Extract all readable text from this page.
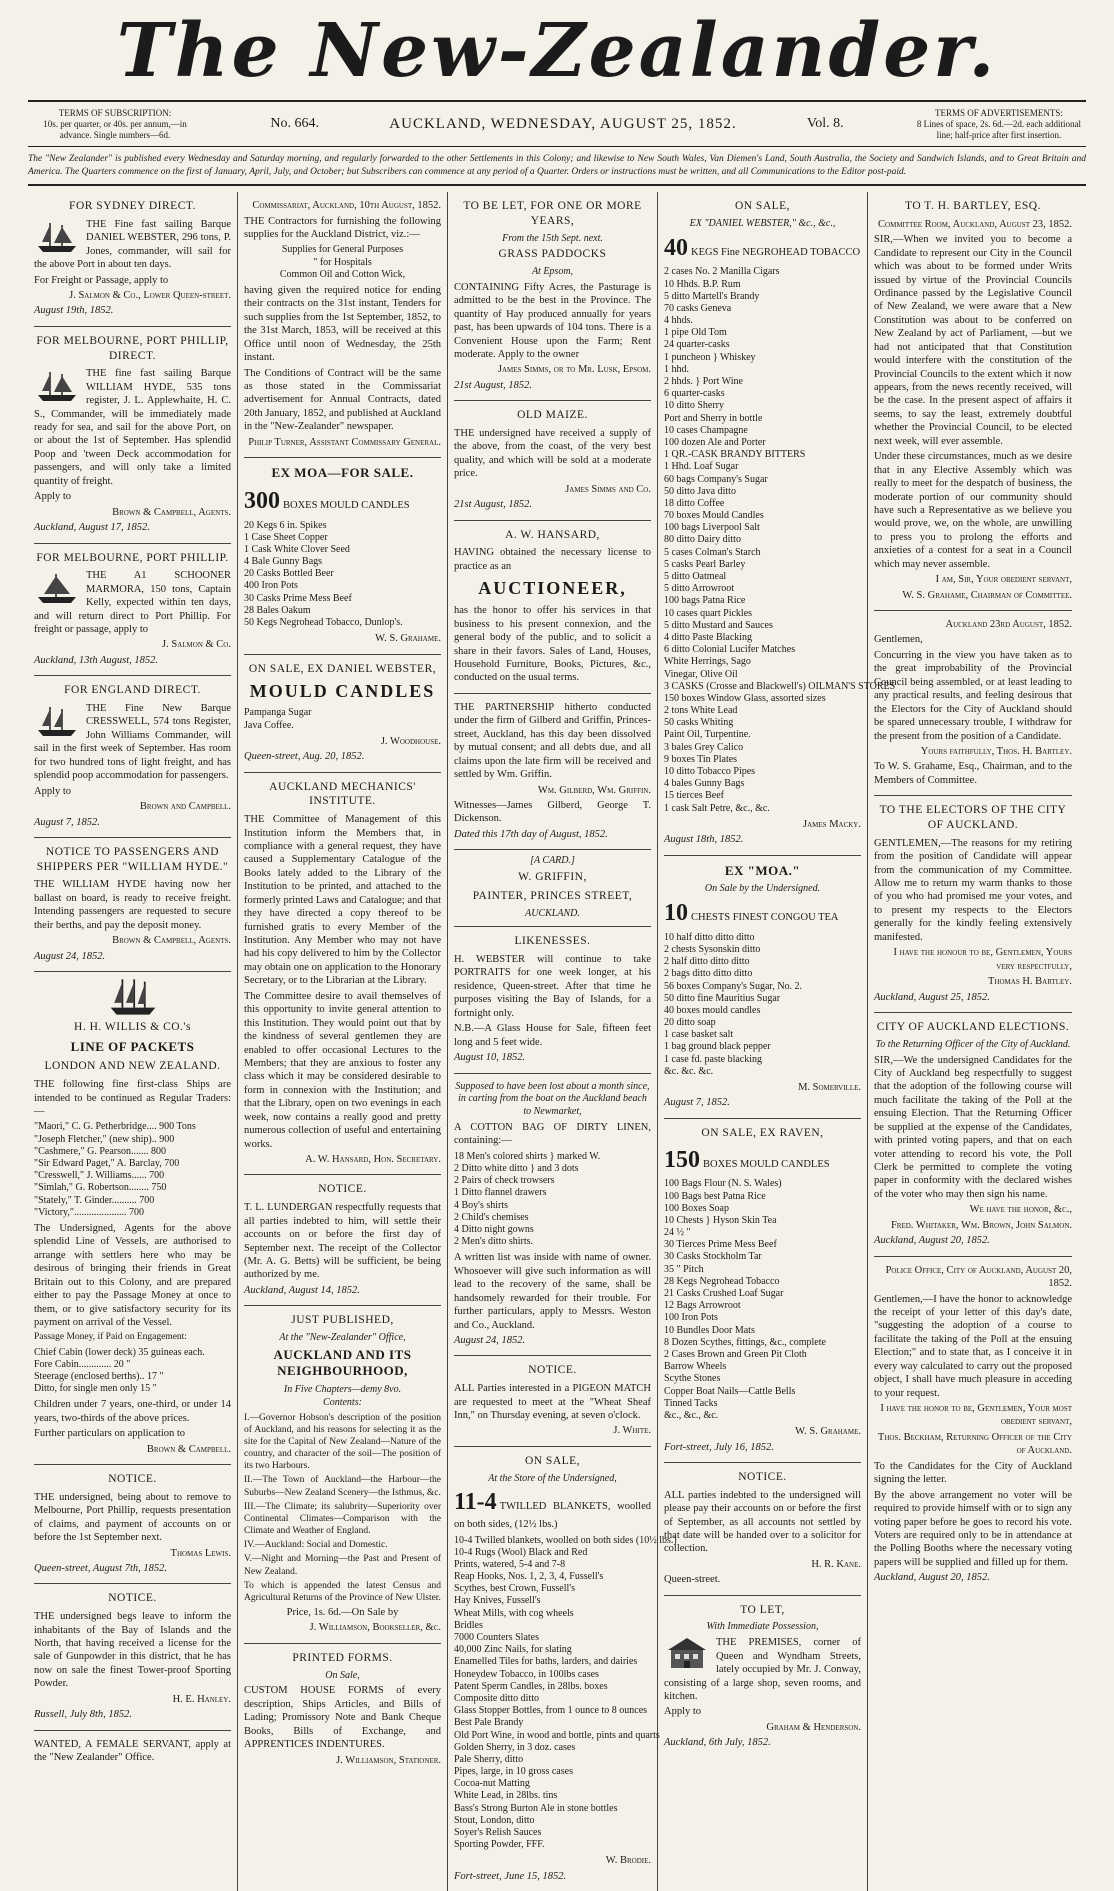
The New-Zealander.
TERMS OF SUBSCRIPTION:
10s. per quarter, or 40s. per annum,—in advance. Single numbers—6d.
No. 664.	AUCKLAND, WEDNESDAY, AUGUST 25, 1852.	Vol. 8.
TERMS OF ADVERTISEMENTS:
8 Lines of space, 2s. 6d.—2d. each additional line; half-price after first insertion.
The "New Zealander" is published every Wednesday and Saturday morning, and regularly forwarded to the other Settlements in this Colony; and likewise to New South Wales, Van Diemen's Land, South Australia, the Society and Sandwich Islands, and to Great Britain and America. The Quarters commence on the first of January, April, July, and October; but Subscribers can commence at any period of a Quarter. Orders or instructions must be written, and all Communications to the Editor post-paid.
FOR SYDNEY DIRECT.

THE Fine fast sailing Barque DANIEL WEBSTER, 296 tons, P. Jones, commander, will sail for the above Port in about ten days.

For Freight or Passage, apply to

J. Salmon & Co., Lower Queen-street.

August 19th, 1852.

FOR MELBOURNE, PORT PHILLIP, DIRECT.

THE fine fast sailing Barque WILLIAM HYDE, 535 tons register, J. L. Applewhaite, H. C. S., Commander, will be immediately made ready for sea, and sail for the above Port, on or about the 1st of September. Has splendid Poop and 'tween Deck accommodation for passengers, and will only take a limited quantity of freight.

Apply to

Brown & Campbell, Agents.

Auckland, August 17, 1852.

FOR MELBOURNE, PORT PHILLIP.

THE A1 SCHOONER MARMORA, 150 tons, Captain Kelly, expected within ten days, and will return direct to Port Phillip. For freight or passage, apply to

J. Salmon & Co.

Auckland, 13th August, 1852.

FOR ENGLAND DIRECT.

THE Fine New Barque CRESSWELL, 574 tons Register, John Williams Commander, will sail in the first week of September. Has room for two hundred tons of light freight, and has splendid poop accommodation for passengers.

Apply to

Brown and Campbell.

August 7, 1852.

NOTICE TO PASSENGERS AND SHIPPERS PER "WILLIAM HYDE."

THE WILLIAM HYDE having now her ballast on board, is ready to receive freight. Intending passengers are requested to secure their berths, and pay the deposit money.

Brown & Campbell, Agents.

August 24, 1852.

H. H. WILLIS & CO.'s
LINE OF PACKETS
LONDON AND NEW ZEALAND.

THE following fine first-class Ships are intended to be continued as Regular Traders:—

"Maori," C. G. Petherbridge.... 900 Tons
"Joseph Fletcher," (new ship).. 900
"Cashmere," G. Pearson....... 800
"Sir Edward Paget," A. Barclay, 700
"Cresswell," J. Williams...... 700
"Simlah," G. Robertson........ 750
"Stately," T. Ginder.......... 700
"Victory,"..................... 700

The Undersigned, Agents for the above splendid Line of Vessels, are authorised to arrange with settlers here who may be desirous of bringing their friends in Great Britain out to this Colony, and are prepared either to pay the Passage Money at once to them, or to give satisfactory security for its payment on arrival of the Vessel.

Passage Money, if Paid on Engagement:

Chief Cabin (lower deck) 35 guineas each.
Fore Cabin............. 20 "
Steerage (enclosed berths).. 17 "
Ditto, for single men only 15 "

Children under 7 years, one-third, or under 14 years, two-thirds of the above prices.

Further particulars on application to

Brown & Campbell.

NOTICE.

THE undersigned, being about to remove to Melbourne, Port Phillip, requests presentation of claims, and payment of accounts on or before the 1st September next.

Thomas Lewis.

Queen-street, August 7th, 1852.

NOTICE.

THE undersigned begs leave to inform the inhabitants of the Bay of Islands and the North, that having received a license for the sale of Gunpowder in this district, that he has now on sale the finest Tower-proof Sporting Powder.

H. E. Hanley.

Russell, July 8th, 1852.

WANTED, A FEMALE SERVANT, apply at the "New Zealander" Office.

Commissariat, Auckland, 10th August, 1852.

THE Contractors for furnishing the following supplies for the Auckland District, viz.:—

Supplies for General Purposes
" for Hospitals
Common Oil and Cotton Wick,

having given the required notice for ending their contracts on the 31st instant, Tenders for such supplies from the 1st September, 1852, to the 31st March, 1853, will be received at this Office until noon of Wednesday, the 25th instant.

The Conditions of Contract will be the same as those stated in the Commissariat advertisement for Annual Contracts, dated 20th January, 1852, and published at Auckland in the "New-Zealander" newspaper.

Philip Turner, Assistant Commissary General.

EX MOA—FOR SALE.

300 BOXES MOULD CANDLES

20 Kegs 6 in. Spikes
1 Case Sheet Copper
1 Cask White Clover Seed
4 Bale Gunny Bags
20 Casks Bottled Beer
400 Iron Pots
30 Casks Prime Mess Beef
28 Bales Oakum
50 Kegs Negrohead Tobacco, Dunlop's.

W. S. Grahame.

ON SALE, EX DANIEL WEBSTER,
MOULD CANDLES
Pampanga Sugar
Java Coffee.

J. Woodhouse.

Queen-street, Aug. 20, 1852.

AUCKLAND MECHANICS' INSTITUTE.

THE Committee of Management of this Institution inform the Members that, in compliance with a general request, they have caused a Supplementary Catalogue of the Books lately added to the Library of the Institution to be printed, and attached to the formerly printed Laws and Catalogue; and that they have directed a copy thereof to be furnished gratis to every Member of the Institution. Any Member who may not have had his copy delivered to him by the Collector may obtain one on application to the Honorary Secretary, or to the Librarian at the Library.

The Committee desire to avail themselves of this opportunity to invite general attention to this Institution. They would point out that by the kindness of several gentlemen they are enabled to offer occasional Lectures to the Members; that they are anxious to foster any class which it may be considered desirable to form in connexion with the Institution; and that the Library, open on two evenings in each week, now contains a really good and pretty numerous collection of useful and entertaining works.

A. W. Hansard, Hon. Secretary.

NOTICE.

T. L. LUNDERGAN respectfully requests that all parties indebted to him, will settle their accounts on or before the first day of September next. The receipt of the Collector (Mr. A. G. Betts) will be sufficient, be being authorized by me.

Auckland, August 14, 1852.

JUST PUBLISHED,
At the "New-Zealander" Office,
AUCKLAND AND ITS NEIGHBOURHOOD,
In Five Chapters—demy 8vo.
Contents:

I.—Governor Hobson's description of the position of Auckland, and his reasons for selecting it as the site for the Capital of New Zealand—Nature of the country, and character of the soil—The position of its two Harbours.

II.—The Town of Auckland—the Harbour—the Suburbs—New Zealand Scenery—the Isthmus, &c.

III.—The Climate; its salubrity—Superiority over Continental Climates—Comparison with the Climate and Weather of England.

IV.—Auckland: Social and Domestic.

V.—Night and Morning—the Past and Present of New Zealand.

To which is appended the latest Census and Agricultural Returns of the Province of New Ulster.

Price, 1s. 6d.—On Sale by

J. Williamson, Bookseller, &c.

PRINTED FORMS.
On Sale,

CUSTOM HOUSE FORMS of every description, Ships Articles, and Bills of Lading; Promissory Note and Bank Cheque Books, Bills of Exchange, and APPRENTICES INDENTURES.

J. Williamson, Stationer.

TO BE LET, FOR ONE OR MORE YEARS,
From the 15th Sept. next.
GRASS PADDOCKS
At Epsom,

CONTAINING Fifty Acres, the Pasturage is admitted to be the best in the Province. The quantity of Hay produced annually for years past, has been upwards of 104 tons. There is a Convenient House upon the Farm; Rent moderate. Apply to the owner

James Simms, or to Mr. Lusk, Epsom.

21st August, 1852.

OLD MAIZE.

THE undersigned have received a supply of the above, from the coast, of the very best quality, and which will be sold at a moderate price.

James Simms and Co.

21st August, 1852.

A. W. HANSARD,

HAVING obtained the necessary license to practice as an

AUCTIONEER,

has the honor to offer his services in that business to his present connexion, and the general body of the public, and to solicit a share in their favors. Sales of Land, Houses, Household Furniture, Books, Pictures, &c., conducted on the usual terms.

THE PARTNERSHIP hitherto conducted under the firm of Gilberd and Griffin, Princes-street, Auckland, has this day been dissolved by mutual consent; and all debts due, and all claims upon the late firm will be received and settled by Wm. Griffin.

Wm. Gilberd, Wm. Griffin.

Witnesses—James Gilberd, George T. Dickenson.

Dated this 17th day of August, 1852.

[A CARD.]
W. GRIFFIN,
PAINTER, PRINCES STREET,
AUCKLAND.
LIKENESSES.

H. WEBSTER will continue to take PORTRAITS for one week longer, at his residence, Queen-street. After that time he purposes visiting the Bay of Islands, for a fortnight only.

N.B.—A Glass House for Sale, fifteen feet long and 5 feet wide.

August 10, 1852.

Supposed to have been lost about a month since, in carting from the boat on the Auckland beach to Newmarket,

A COTTON BAG OF DIRTY LINEN, containing:—

18 Men's colored shirts } marked W.
2 Ditto white ditto } and 3 dots
2 Pairs of check trowsers
1 Ditto flannel drawers
4 Boy's shirts
2 Child's chemises
4 Ditto night gowns
2 Men's ditto shirts.

A written list was inside with name of owner. Whosoever will give such information as will lead to the recovery of the same, shall be handsomely rewarded for their trouble. For further particulars, apply to Messrs. Weston and Co., Auckland.

August 24, 1852.

NOTICE.

ALL Parties interested in a PIGEON MATCH are requested to meet at the "Wheat Sheaf Inn," on Thursday evening, at seven o'clock.

J. White.

ON SALE,
At the Store of the Undersigned,

11-4 TWILLED BLANKETS, woolled on both sides, (12½ lbs.)

10-4 Twilled blankets, woolled on both sides (10½ lbs.)
10-4 Rugs (Wool) Black and Red
Prints, watered, 5-4 and 7-8
Reap Hooks, Nos. 1, 2, 3, 4, Fussell's
Scythes, best Crown, Fussell's
Hay Knives, Fussell's
Wheat Mills, with cog wheels
Bridles
7000 Counters Slates
40,000 Zinc Nails, for slating
Enamelled Tiles for baths, larders, and dairies
Honeydew Tobacco, in 100lbs cases
Patent Sperm Candles, in 28lbs. boxes
Composite ditto ditto
Glass Stopper Bottles, from 1 ounce to 8 ounces
Best Pale Brandy
Old Port Wine, in wood and bottle, pints and quarts
Golden Sherry, in 3 doz. cases
Pale Sherry, ditto
Pipes, large, in 10 gross cases
Cocoa-nut Matting
White Lead, in 28lbs. tins
Bass's Strong Burton Ale in stone bottles
Stout, London, ditto
Soyer's Relish Sauces
Sporting Powder, FFF.

W. Brodie.

Fort-street, June 15, 1852.

ON SALE,
EX "DANIEL WEBSTER," &c., &c.,

40 KEGS Fine NEGROHEAD TOBACCO

2 cases No. 2 Manilla Cigars
10 Hhds. B.P. Rum
5 ditto Martell's Brandy
70 casks Geneva
4 hhds.
1 pipe Old Tom
24 quarter-casks
1 puncheon } Whiskey
1 hhd.
2 hhds. } Port Wine
6 quarter-casks
10 ditto Sherry
Port and Sherry in bottle
10 cases Champagne
100 dozen Ale and Porter
1 QR.-CASK BRANDY BITTERS
1 Hhd. Loaf Sugar
60 bags Company's Sugar
50 ditto Java ditto
18 ditto Coffee
70 boxes Mould Candles
100 bags Liverpool Salt
80 ditto Dairy ditto
5 cases Colman's Starch
5 casks Pearl Barley
5 ditto Oatmeal
5 ditto Arrowroot
100 bags Patna Rice
10 cases quart Pickles
5 ditto Mustard and Sauces
4 ditto Paste Blacking
6 ditto Colonial Lucifer Matches
White Herrings, Sago
Vinegar, Olive Oil
3 CASKS (Crosse and Blackwell's) OILMAN'S STORES
150 boxes Window Glass, assorted sizes
2 tons White Lead
50 casks Whiting
Paint Oil, Turpentine.
3 bales Grey Calico
9 boxes Tin Plates
10 ditto Tobacco Pipes
4 bales Gunny Bags
15 tierces Beef
1 cask Salt Petre, &c., &c.

James Macky.

August 18th, 1852.

EX "MOA."
On Sale by the Undersigned.

10 CHESTS FINEST CONGOU TEA

10 half ditto ditto ditto
2 chests Sysonskin ditto
2 half ditto ditto ditto
2 bags ditto ditto ditto
56 boxes Company's Sugar, No. 2.
50 ditto fine Mauritius Sugar
40 boxes mould candles
20 ditto soap
1 case basket salt
1 bag ground black pepper
1 case fd. paste blacking
&c. &c. &c.

M. Somerville.

August 7, 1852.

ON SALE, EX RAVEN,

150 BOXES MOULD CANDLES

100 Bags Flour (N. S. Wales)
100 Bags best Patna Rice
100 Boxes Soap
10 Chests } Hyson Skin Tea
24 ½ "
30 Tierces Prime Mess Beef
30 Casks Stockholm Tar
35 " Pitch
28 Kegs Negrohead Tobacco
21 Casks Crushed Loaf Sugar
12 Bags Arrowroot
100 Iron Pots
10 Bundles Door Mats
8 Dozen Scythes, fittings, &c., complete
2 Cases Brown and Green Pit Cloth
Barrow Wheels
Scythe Stones
Copper Boat Nails—Cattle Bells
Tinned Tacks
&c., &c., &c.

W. S. Grahame.

Fort-street, July 16, 1852.

NOTICE.

ALL parties indebted to the undersigned will please pay their accounts on or before the first of September, as all accounts not settled by that date will be handed over to a solicitor for collection.

H. R. Kane.

Queen-street.

TO LET,
With Immediate Possession,

THE PREMISES, corner of Queen and Wyndham Streets, lately occupied by Mr. J. Conway, consisting of a large shop, seven rooms, and kitchen.

Apply to

Graham & Henderson.

Auckland, 6th July, 1852.

TO T. H. BARTLEY, ESQ.

Committee Room, Auckland, August 23, 1852.

SIR,—When we invited you to become a Candidate to represent our City in the Council which was about to be formed under Writs issued by virtue of the Provincial Councils Ordinance passed by the Legislative Council of New Zealand, we were aware that a New Constitution was about to be conferred on New Zealand by act of Parliament, —but we had not anticipated that that Constitution would interfere with the constitution of the Provincial Councils to the extent which it now appears, from the news recently received, will be the case. In the present aspect of affairs it seems, to say the least, extremely doubtful whether the Provincial Council, to be elected next week, will ever assemble.

Under these circumstances, much as we desire that in any Elective Assembly which was really to meet for the despatch of business, the moderate portion of our community should have such a Representative as we believe you would prove, we, on the whole, are unwilling to press you to prolong the efforts and anxieties of a contest for a seat in a Council which may never assemble.

I am, Sir, Your obedient servant,

W. S. Grahame, Chairman of Committee.

Auckland 23rd August, 1852.

Gentlemen,

Concurring in the view you have taken as to the great improbability of the Provincial Council being assembled, or at least leading to any practical results, and feeling desirous that the Electors for the City of Auckland should be spared unnecessary trouble, I withdraw for the present from the position of a Candidate.

Yours faithfully, Thos. H. Bartley.

To W. S. Grahame, Esq., Chairman, and to the Members of Committee.

TO THE ELECTORS OF THE CITY OF AUCKLAND.

GENTLEMEN,—The reasons for my retiring from the position of Candidate will appear from the communication of my Committee. Allow me to return my warm thanks to those of you who had promised me your votes, and to present my respects to the Electors generally for the kindly feeling extensively manifested.

I have the honour to be, Gentlemen, Yours very respectfully,

Thomas H. Bartley.

Auckland, August 25, 1852.

CITY OF AUCKLAND ELECTIONS.

To the Returning Officer of the City of Auckland.

SIR,—We the undersigned Candidates for the City of Auckland beg respectfully to suggest that the adoption of the following course will much facilitate the taking of the Poll at the ensuing Election. That the Returning Officer be supplied at the expense of the Candidates, with printed voting papers, and that on each voter attending to record his vote, the Poll Clerk be permitted to complete the voting paper in conformity with the declared wishes of the voter who may then sign his name.

We have the honor, &c.,

Fred. Whitaker, Wm. Brown, John Salmon.

Auckland, August 20, 1852.

Police Office, City of Auckland, August 20, 1852.

Gentlemen,—I have the honor to acknowledge the receipt of your letter of this day's date, "suggesting the adoption of a course to facilitate the taking of the Poll at the ensuing Election;" and to state that, as I conceive it in every way calculated to carry out the proposed object, I shall have much pleasure in acceding to your request.

I have the honor to be, Gentlemen, Your most obedient servant,

Thos. Beckham, Returning Officer of the City of Auckland.

To the Candidates for the City of Auckland signing the letter.

By the above arrangement no voter will be required to provide himself with or to sign any voting paper before he goes to record his vote. Voters are required only to be in attendance at the Polling Booths where the necessary voting papers will be supplied and filled up for them.

Auckland, August 20, 1852.
